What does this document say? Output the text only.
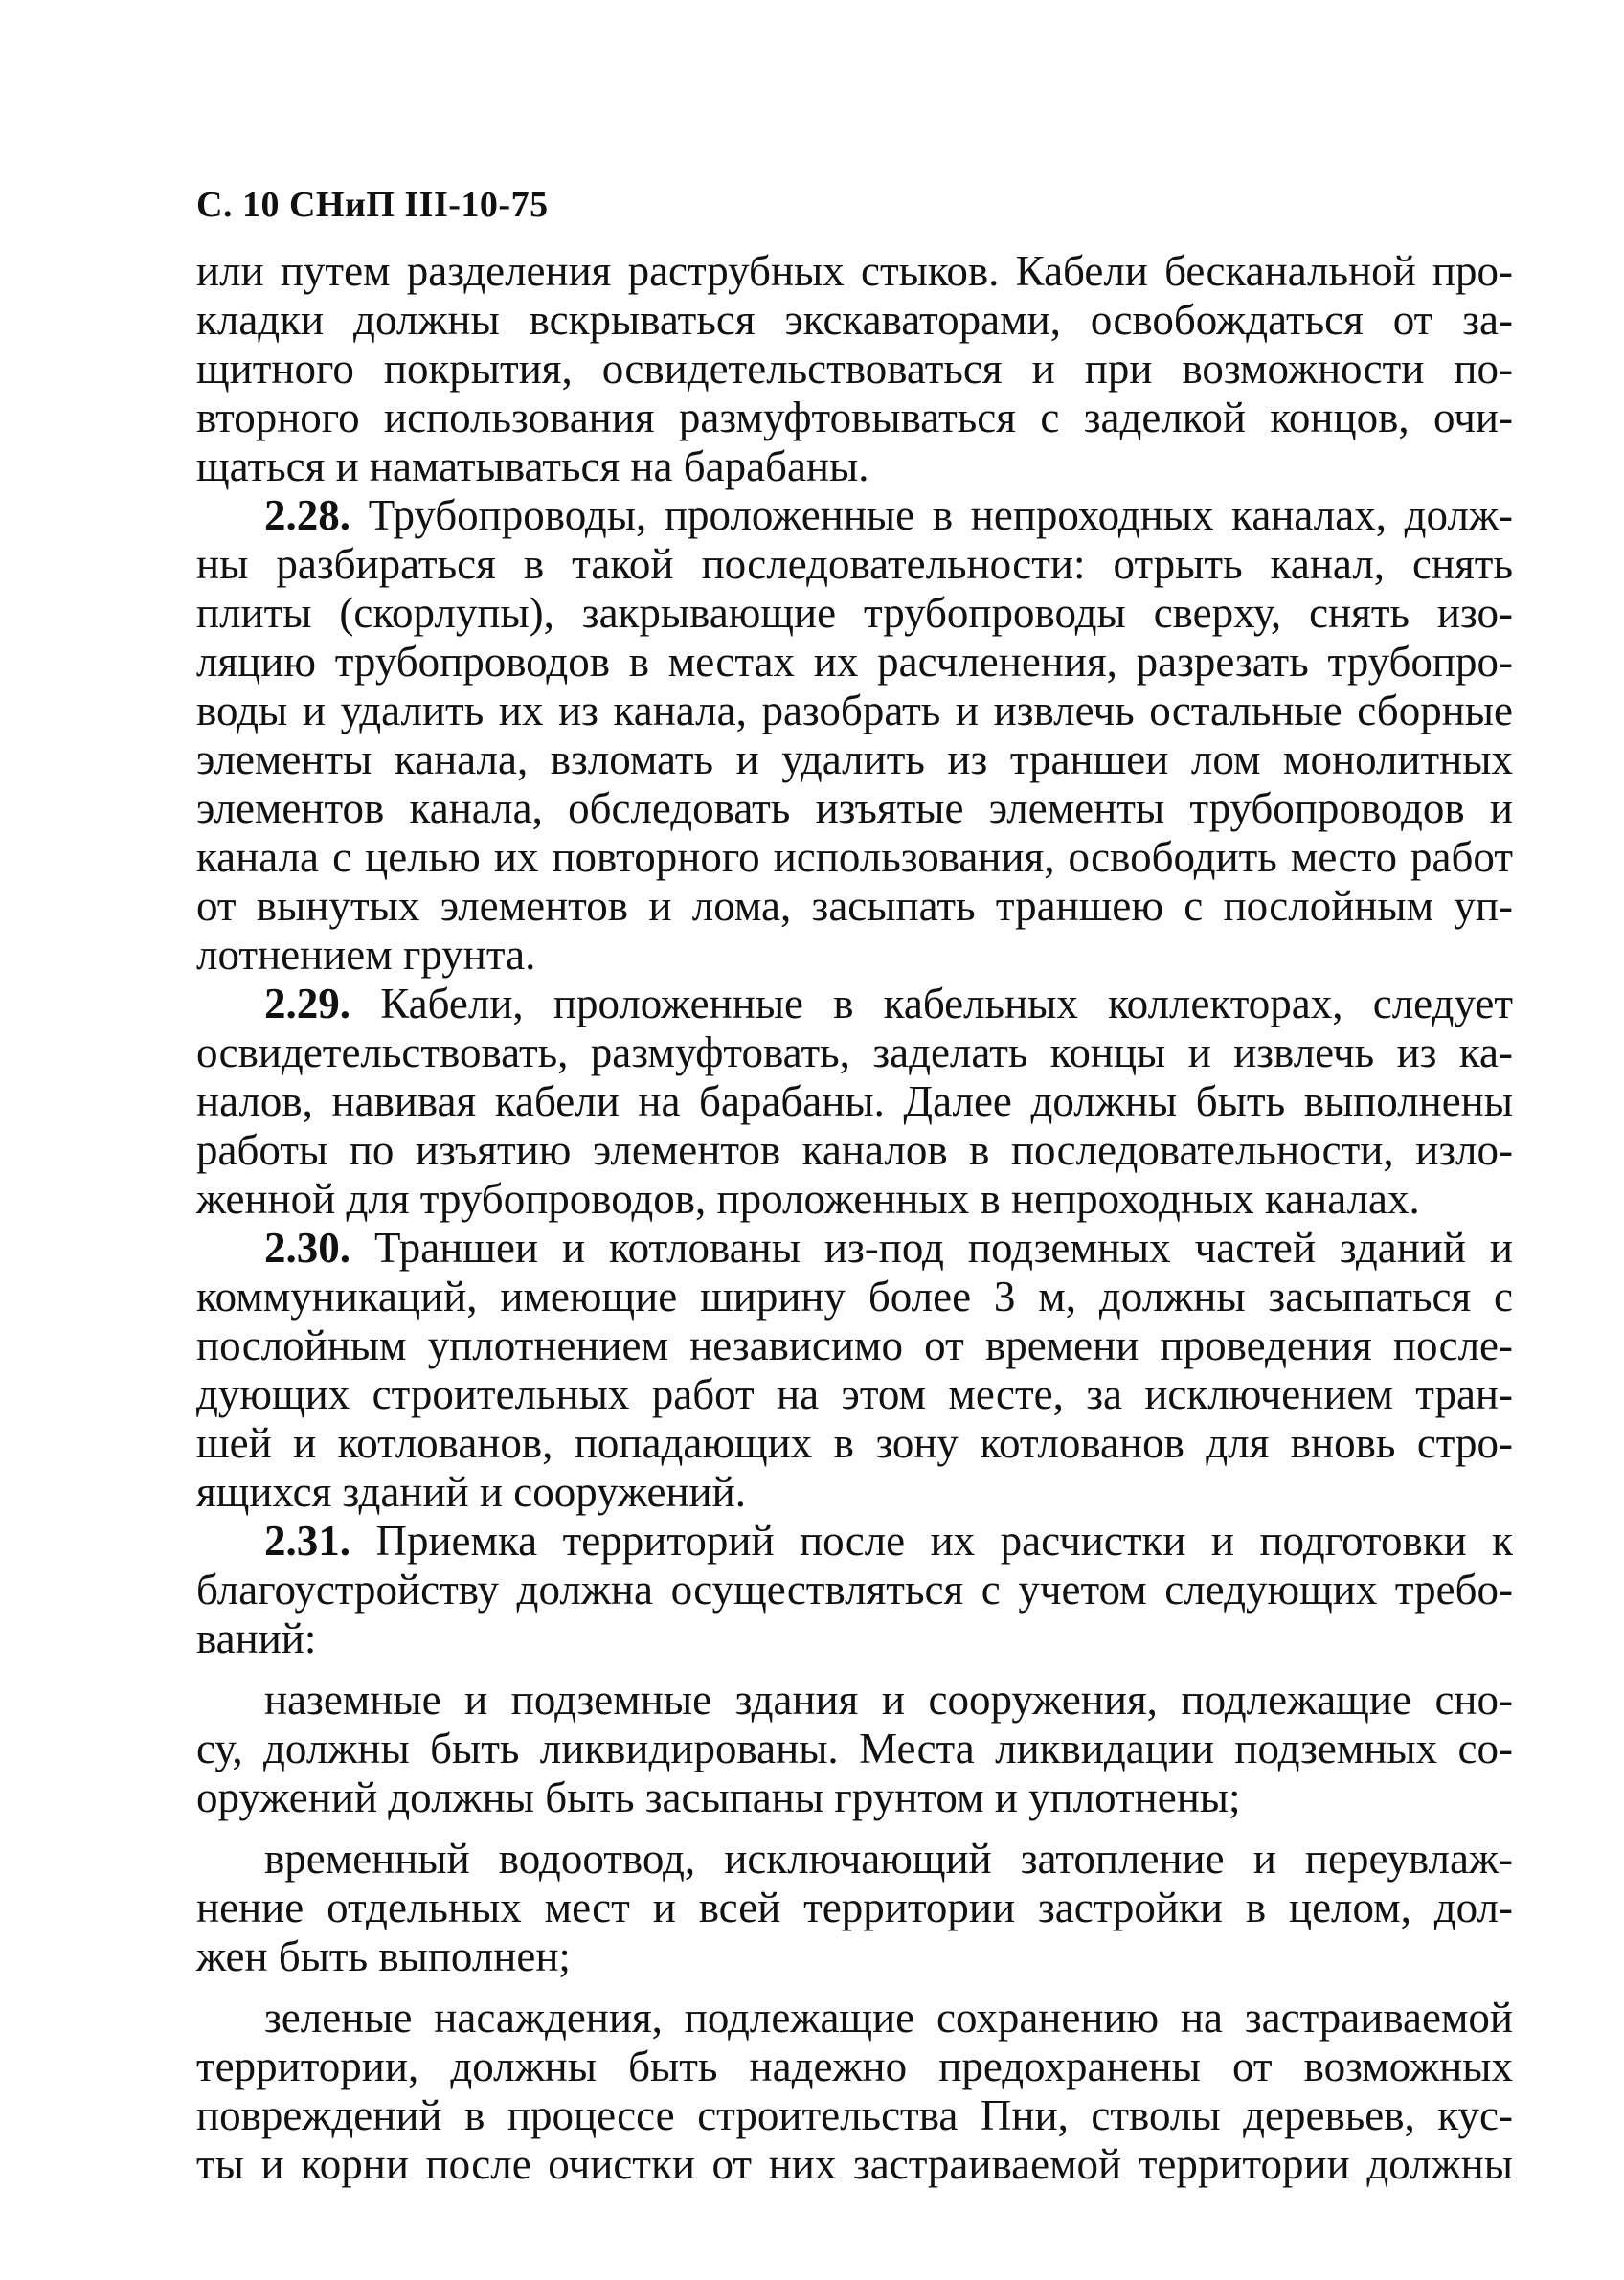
С. 10 СНиП III-10-75
или путем разделения раструбных стыков. Кабели бесканальной про-
кладки должны вскрываться экскаваторами, освобождаться от за-
щитного покрытия, освидетельствоваться и при возможности по-
вторного использования размуфтовываться с заделкой концов, очи-
щаться и наматываться на барабаны.
2.28. Трубопроводы, проложенные в непроходных каналах, долж-
ны разбираться в такой последовательности: отрыть канал, снять
плиты (скорлупы), закрывающие трубопроводы сверху, снять изо-
ляцию трубопроводов в местах их расчленения, разрезать трубопро-
воды и удалить их из канала, разобрать и извлечь остальные сборные
элементы канала, взломать и удалить из траншеи лом монолитных
элементов канала, обследовать изъятые элементы трубопроводов и
канала с целью их повторного использования, освободить место работ
от вынутых элементов и лома, засыпать траншею с послойным уп-
лотнением грунта.
2.29. Кабели, проложенные в кабельных коллекторах, следует
освидетельствовать, размуфтовать, заделать концы и извлечь из ка-
налов, навивая кабели на барабаны. Далее должны быть выполнены
работы по изъятию элементов каналов в последовательности, изло-
женной для трубопроводов, проложенных в непроходных каналах.
2.30. Траншеи и котлованы из-под подземных частей зданий и
коммуникаций, имеющие ширину более 3 м, должны засыпаться с
послойным уплотнением независимо от времени проведения после-
дующих строительных работ на этом месте, за исключением тран-
шей и котлованов, попадающих в зону котлованов для вновь стро-
ящихся зданий и сооружений.
2.31. Приемка территорий после их расчистки и подготовки к
благоустройству должна осуществляться с учетом следующих требо-
ваний:
наземные и подземные здания и сооружения, подлежащие сно-
су, должны быть ликвидированы. Места ликвидации подземных со-
оружений должны быть засыпаны грунтом и уплотнены;
временный водоотвод, исключающий затопление и переувлаж-
нение отдельных мест и всей территории застройки в целом, дол-
жен быть выполнен;
зеленые насаждения, подлежащие сохранению на застраиваемой
территории, должны быть надежно предохранены от возможных
повреждений в процессе строительства Пни, стволы деревьев, кус-
ты и корни после очистки от них застраиваемой территории должны
